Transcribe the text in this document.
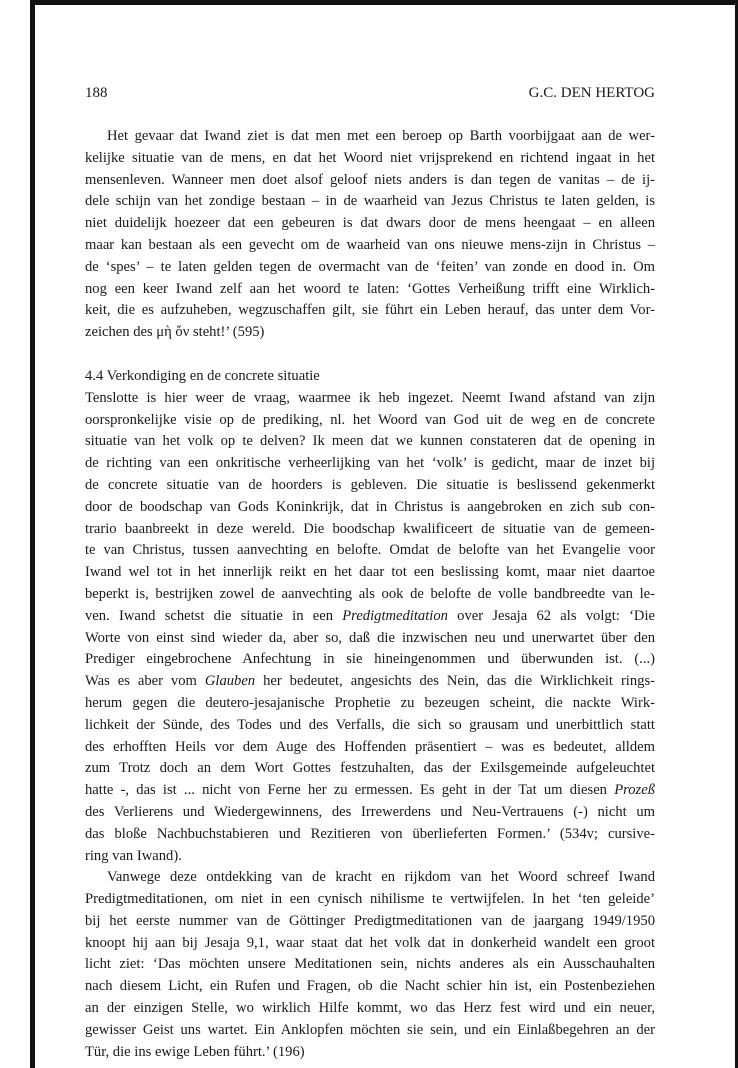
188	G.C. DEN HERTOG
Het gevaar dat Iwand ziet is dat men met een beroep op Barth voorbijgaat aan de wer-
kelijke situatie van de mens, en dat het Woord niet vrijsprekend en richtend ingaat in het
mensenleven. Wanneer men doet alsof geloof niets anders is dan tegen de vanitas – de ij-
dele schijn van het zondige bestaan – in de waarheid van Jezus Christus te laten gelden, is
niet duidelijk hoezeer dat een gebeuren is dat dwars door de mens heengaat – en alleen
maar kan bestaan als een gevecht om de waarheid van ons nieuwe mens-zijn in Christus –
de ‘spes’ – te laten gelden tegen de overmacht van de ‘feiten’ van zonde en dood in. Om
nog een keer Iwand zelf aan het woord te laten: ‘Gottes Verheißung trifft eine Wirklich-
keit, die es aufzuheben, wegzuschaffen gilt, sie führt ein Leben herauf, das unter dem Vor-
zeichen des μὴ ὄν steht!’ (595)
4.4 Verkondiging en de concrete situatie
Tenslotte is hier weer de vraag, waarmee ik heb ingezet. Neemt Iwand afstand van zijn
oorspronkelijke visie op de prediking, nl. het Woord van God uit de weg en de concrete
situatie van het volk op te delven? Ik meen dat we kunnen constateren dat de opening in
de richting van een onkritische verheerlijking van het ‘volk’ is gedicht, maar de inzet bij
de concrete situatie van de hoorders is gebleven. Die situatie is beslissend gekenmerkt
door de boodschap van Gods Koninkrijk, dat in Christus is aangebroken en zich sub con-
trario baanbreekt in deze wereld. Die boodschap kwalificeert de situatie van de gemeen-
te van Christus, tussen aanvechting en belofte. Omdat de belofte van het Evangelie voor
Iwand wel tot in het innerlijk reikt en het daar tot een beslissing komt, maar niet daartoe
beperkt is, bestrijken zowel de aanvechting als ook de belofte de volle bandbreedte van le-
ven. Iwand schetst die situatie in een Predigtmeditation over Jesaja 62 als volgt: ‘Die
Worte von einst sind wieder da, aber so, daß die inzwischen neu und unerwartet über den
Prediger eingebrochene Anfechtung in sie hineingenommen und überwunden ist. (...)
Was es aber vom Glauben her bedeutet, angesichts des Nein, das die Wirklichkeit rings-
herum gegen die deutero-jesajanische Prophetie zu bezeugen scheint, die nackte Wirk-
lichkeit der Sünde, des Todes und des Verfalls, die sich so grausam und unerbittlich statt
des erhofften Heils vor dem Auge des Hoffenden präsentiert – was es bedeutet, alldem
zum Trotz doch an dem Wort Gottes festzuhalten, das der Exilsgemeinde aufgeleuchtet
hatte -, das ist ... nicht von Ferne her zu ermessen. Es geht in der Tat um diesen Prozeß
des Verlierens und Wiedergewinnens, des Irrewerdens und Neu-Vertrauens (-) nicht um
das bloße Nachbuchstabieren und Rezitieren von überlieferten Formen.’ (534v; cursive-
ring van Iwand).
Vanwege deze ontdekking van de kracht en rijkdom van het Woord schreef Iwand
Predigtmeditationen, om niet in een cynisch nihilisme te vertwijfelen. In het ‘ten geleide’
bij het eerste nummer van de Göttinger Predigtmeditationen van de jaargang 1949/1950
knoopt hij aan bij Jesaja 9,1, waar staat dat het volk dat in donkerheid wandelt een groot
licht ziet: ‘Das möchten unsere Meditationen sein, nichts anderes als ein Ausschauhalten
nach diesem Licht, ein Rufen und Fragen, ob die Nacht schier hin ist, ein Postenbeziehen
an der einzigen Stelle, wo wirklich Hilfe kommt, wo das Herz fest wird und ein neuer,
gewisser Geist uns wartet. Ein Anklopfen möchten sie sein, und ein Einlaßbegehren an der
Tür, die ins ewige Leben führt.’ (196)
